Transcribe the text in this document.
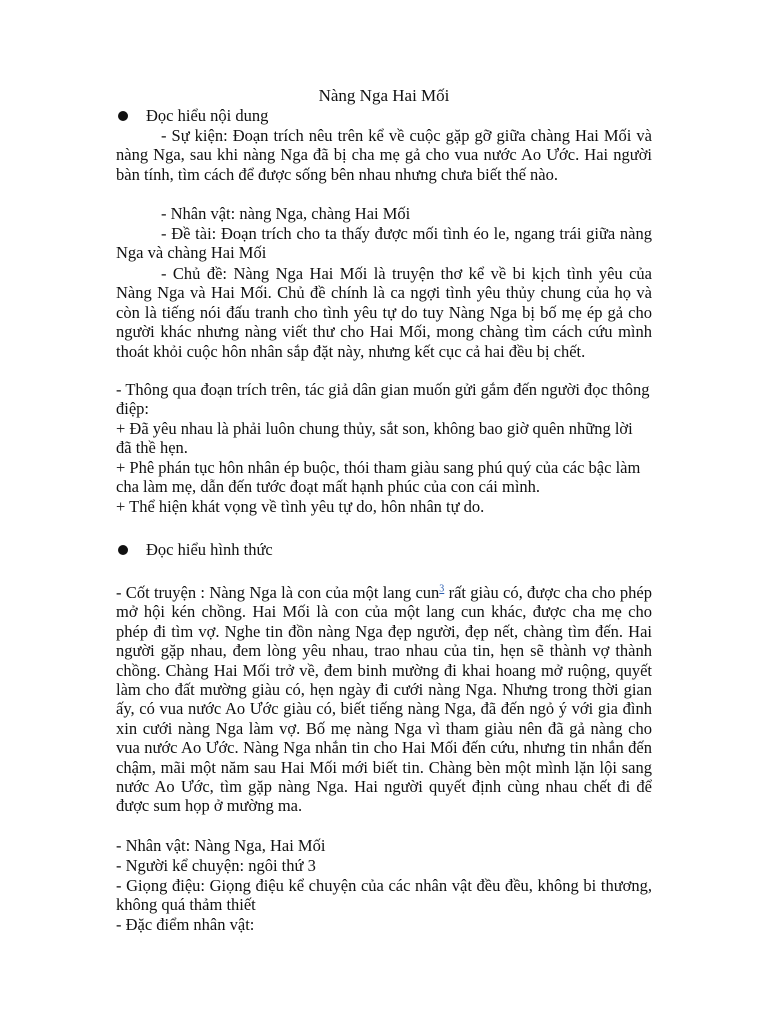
Nàng Nga Hai Mối
Đọc hiểu nội dung

- Sự kiện: Đoạn trích nêu trên kể về cuộc gặp gỡ giữa chàng Hai Mối và nàng Nga, sau khi nàng Nga đã bị cha mẹ gả cho vua nước Ao Ước. Hai người bàn tính, tìm cách để được sống bên nhau nhưng chưa biết thế nào.

- Nhân vật: nàng Nga, chàng Hai Mối

- Đề tài: Đoạn trích cho ta thấy được mối tình éo le, ngang trái giữa nàng Nga và chàng Hai Mối

- Chủ đề: Nàng Nga Hai Mối là truyện thơ kể về bi kịch tình yêu của Nàng Nga và Hai Mối. Chủ đề chính là ca ngợi tình yêu thủy chung của họ và còn là tiếng nói đấu tranh cho tình yêu tự do tuy Nàng Nga bị bố mẹ ép gả cho người khác nhưng nàng viết thư cho Hai Mối, mong chàng tìm cách cứu mình thoát khỏi cuộc hôn nhân sắp đặt này, nhưng kết cục cả hai đều bị chết.

- Thông qua đoạn trích trên, tác giả dân gian muốn gửi gắm đến người đọc thông điệp:

+ Đã yêu nhau là phải luôn chung thủy, sắt son, không bao giờ quên những lời đã thề hẹn.

+ Phê phán tục hôn nhân ép buộc, thói tham giàu sang phú quý của các bậc làm cha làm mẹ, dẫn đến tước đoạt mất hạnh phúc của con cái mình.

+ Thể hiện khát vọng về tình yêu tự do, hôn nhân tự do.

Đọc hiểu hình thức

- Cốt truyện : Nàng Nga là con của một lang cun$^3$ rất giàu có, được cha cho phép mở hội kén chồng. Hai Mối là con của một lang cun khác, được cha mẹ cho phép đi tìm vợ. Nghe tin đồn nàng Nga đẹp người, đẹp nết, chàng tìm đến. Hai người gặp nhau, đem lòng yêu nhau, trao nhau của tin, hẹn sẽ thành vợ thành chồng. Chàng Hai Mối trở về, đem binh mường đi khai hoang mở ruộng, quyết làm cho đất mường giàu có, hẹn ngày đi cưới nàng Nga. Nhưng trong thời gian ấy, có vua nước Ao Ước giàu có, biết tiếng nàng Nga, đã đến ngỏ ý với gia đình xin cưới nàng Nga làm vợ. Bố mẹ nàng Nga vì tham giàu nên đã gả nàng cho vua nước Ao Ước. Nàng Nga nhắn tin cho Hai Mối đến cứu, nhưng tin nhắn đến chậm, mãi một năm sau Hai Mối mới biết tin. Chàng bèn một mình lặn lội sang nước Ao Ước, tìm gặp nàng Nga. Hai người quyết định cùng nhau chết đi để được sum họp ở mường ma.

- Nhân vật: Nàng Nga, Hai Mối

- Người kể chuyện: ngôi thứ 3

- Giọng điệu: Giọng điệu kể chuyện của các nhân vật đều đều, không bi thương, không quá thảm thiết

- Đặc điểm nhân vật:
